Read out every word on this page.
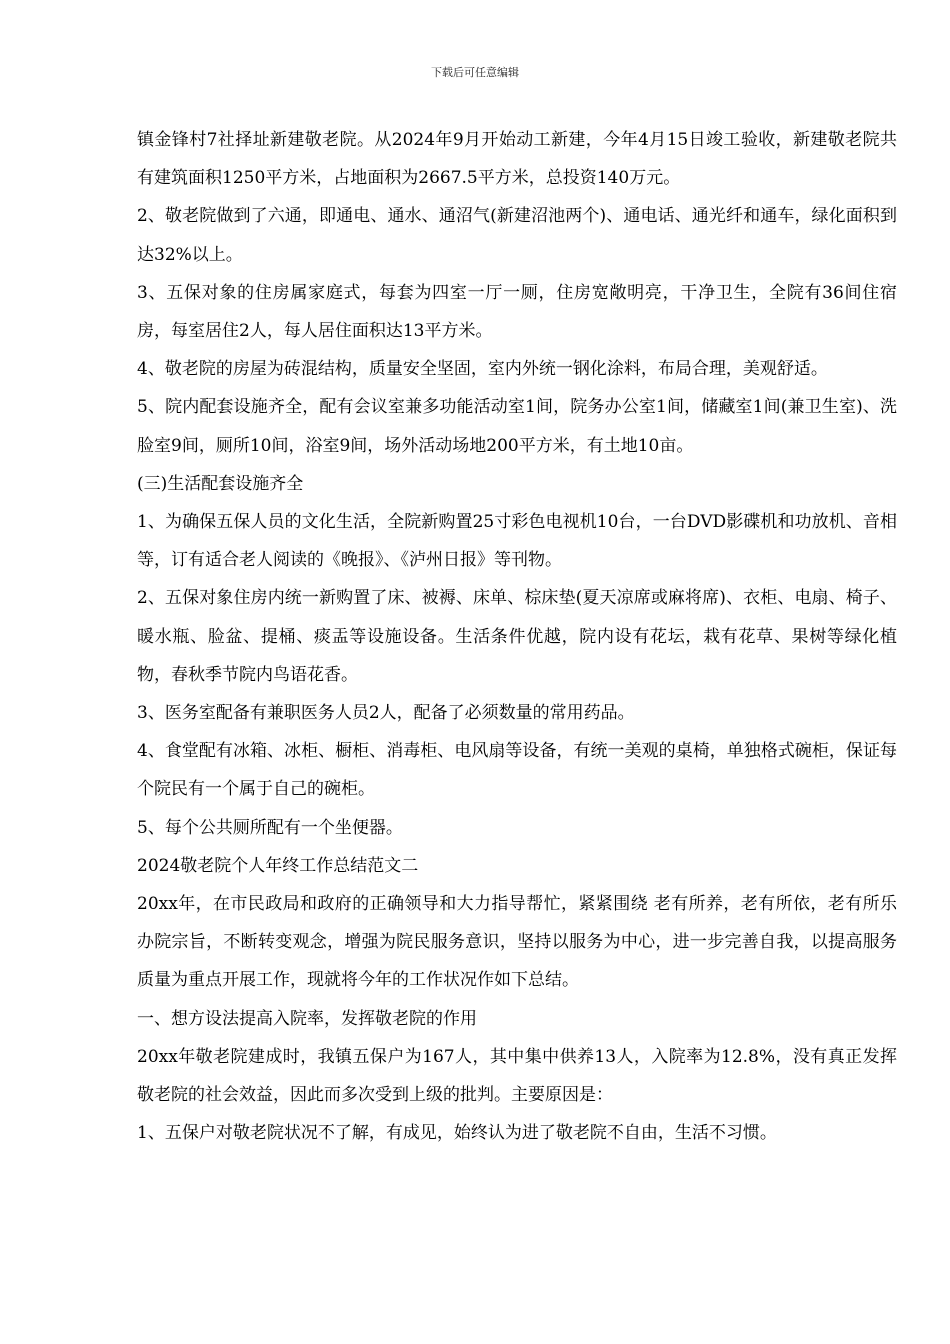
下载后可任意编辑

镇金锋村7社择址新建敬老院。从2024年9月开始动工新建，今年4月15日竣工验收，新建敬老院共有建筑面积1250平方米，占地面积为2667.5平方米，总投资140万元。

2、敬老院做到了六通，即通电、通水、通沼气(新建沼池两个)、通电话、通光纤和通车，绿化面积到达32%以上。

3、五保对象的住房属家庭式，每套为四室一厅一厕，住房宽敞明亮，干净卫生，全院有36间住宿房，每室居住2人，每人居住面积达13平方米。

4、敬老院的房屋为砖混结构，质量安全坚固，室内外统一钢化涂料，布局合理，美观舒适。

5、院内配套设施齐全，配有会议室兼多功能活动室1间，院务办公室1间，储藏室1间(兼卫生室)、洗脸室9间，厕所10间，浴室9间，场外活动场地200平方米，有土地10亩。

(三)生活配套设施齐全

1、为确保五保人员的文化生活，全院新购置25寸彩色电视机10台，一台DVD影碟机和功放机、音相等，订有适合老人阅读的《晚报》、《泸州日报》等刊物。

2、五保对象住房内统一新购置了床、被褥、床单、棕床垫(夏天凉席或麻将席)、衣柜、电扇、椅子、暖水瓶、脸盆、提桶、痰盂等设施设备。生活条件优越，院内设有花坛，栽有花草、果树等绿化植物，春秋季节院内鸟语花香。

3、医务室配备有兼职医务人员2人，配备了必须数量的常用药品。

4、食堂配有冰箱、冰柜、橱柜、消毒柜、电风扇等设备，有统一美观的桌椅，单独格式碗柜，保证每个院民有一个属于自己的碗柜。

5、每个公共厕所配有一个坐便器。

2024敬老院个人年终工作总结范文二

20xx年，在市民政局和政府的正确领导和大力指导帮忙，紧紧围绕 老有所养，老有所依，老有所乐 办院宗旨，不断转变观念，增强为院民服务意识，坚持以服务为中心，进一步完善自我，以提高服务质量为重点开展工作，现就将今年的工作状况作如下总结。

一、想方设法提高入院率，发挥敬老院的作用

20xx年敬老院建成时，我镇五保户为167人，其中集中供养13人，入院率为12.8%，没有真正发挥敬老院的社会效益，因此而多次受到上级的批判。主要原因是：

1、五保户对敬老院状况不了解，有成见，始终认为进了敬老院不自由，生活不习惯。
